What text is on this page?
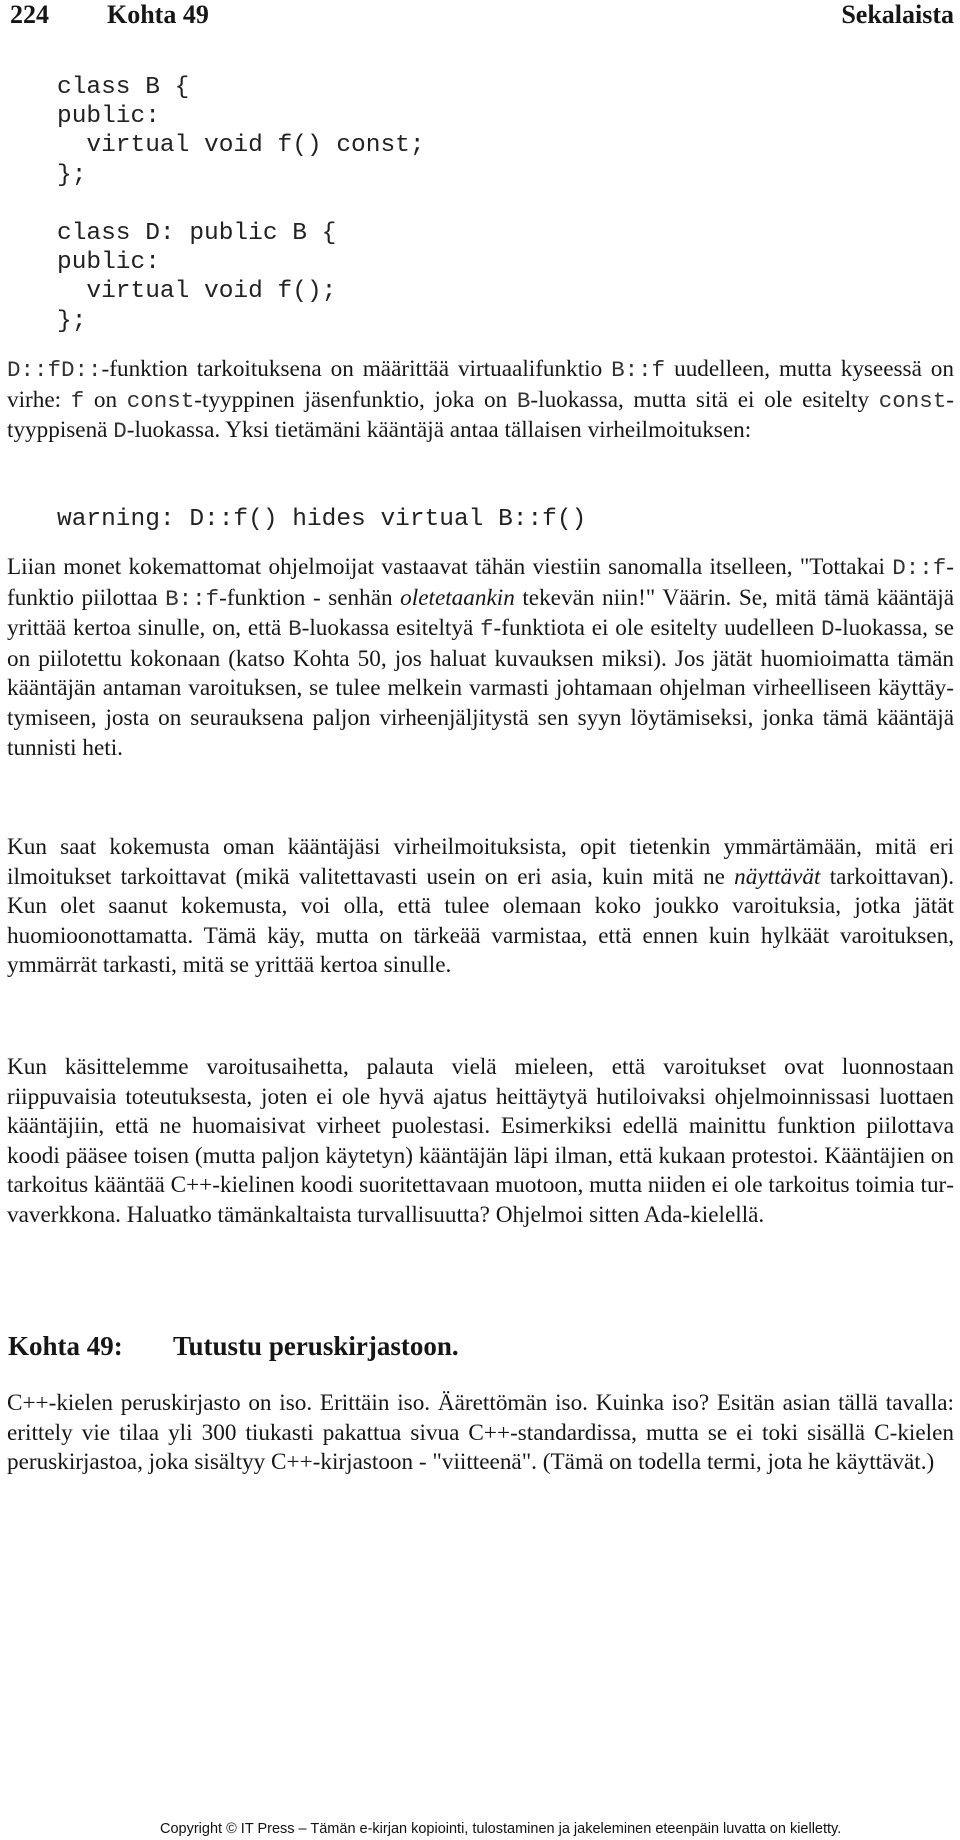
224 Kohta 49	Sekalaista
class B {
public:
virtual void f() const;
};
class D: public B {
public:
virtual void f();
};

D::fD::-funktion tarkoituksena on määrittää virtuaalifunktio B::f uudelleen, mutta kyseessä on virhe: f on const-tyyppinen jäsenfunktio, joka on B-luokassa, mutta sitä ei ole esitelty const-tyyppisenä D-luokassa. Yksi tietämäni kääntäjä antaa tällaisen virheilmoituksen:

warning: D::f() hides virtual B::f()

Liian monet kokemattomat ohjelmoijat vastaavat tähän viestiin sanomalla itselleen, "Tottakai D::f-funktio piilottaa B::f-funktion - senhän oletetaankin tekevän niin!" Väärin. Se, mitä tämä kääntäjä yrittää kertoa sinulle, on, että B-luokassa esiteltyä f-funktiota ei ole esitelty uudelleen D-luokassa, se on piilotettu kokonaan (katso Kohta 50, jos haluat kuvauksen miksi). Jos jätät huomioimatta tämän kääntäjän antaman varoituksen, se tulee melkein varmasti johtamaan ohjelman virheelliseen käyttäytymiseen, josta on seurauksena paljon virheenjäljitystä sen syyn löytämiseksi, jonka tämä kääntäjä tunnisti heti.

Kun saat kokemusta oman kääntäjäsi virheilmoituksista, opit tietenkin ymmärtämään, mitä eri ilmoitukset tarkoittavat (mikä valitettavasti usein on eri asia, kuin mitä ne näyttävät tarkoittavan). Kun olet saanut kokemusta, voi olla, että tulee olemaan koko joukko varoituksia, jotka jätät huomioonottamatta. Tämä käy, mutta on tärkeää varmistaa, että ennen kuin hylkäät varoituksen, ymmärrät tarkasti, mitä se yrittää kertoa sinulle.

Kun käsittelemme varoitusaihetta, palauta vielä mieleen, että varoitukset ovat luonnostaan riippuvaisia toteutuksesta, joten ei ole hyvä ajatus heittäytyä hutiloivaksi ohjelmoinnissasi luottaen kääntäjiin, että ne huomaisivat virheet puolestasi. Esimerkiksi edellä mainittu funktion piilottava koodi pääsee toisen (mutta paljon käytetyn) kääntäjän läpi ilman, että kukaan protestoi. Kääntäjien on tarkoitus kääntää C++-kielinen koodi suoritettavaan muotoon, mutta niiden ei ole tarkoitus toimia turvaverkkona. Haluatko tämänkaltaista turvallisuutta? Ohjelmoi sitten Ada-kielellä.

Kohta 49: Tutustu peruskirjastoon.

C++-kielen peruskirjasto on iso. Erittäin iso. Äärettömän iso. Kuinka iso? Esitän asian tällä tavalla: erittely vie tilaa yli 300 tiukasti pakattua sivua C++-standardissa, mutta se ei toki sisällä C-kielen peruskirjastoa, joka sisältyy C++-kirjastoon - "viitteenä". (Tämä on todella termi, jota he käyttävät.)

Copyright © IT Press – Tämän e-kirjan kopiointi, tulostaminen ja jakeleminen eteenpäin luvatta on kielletty.
